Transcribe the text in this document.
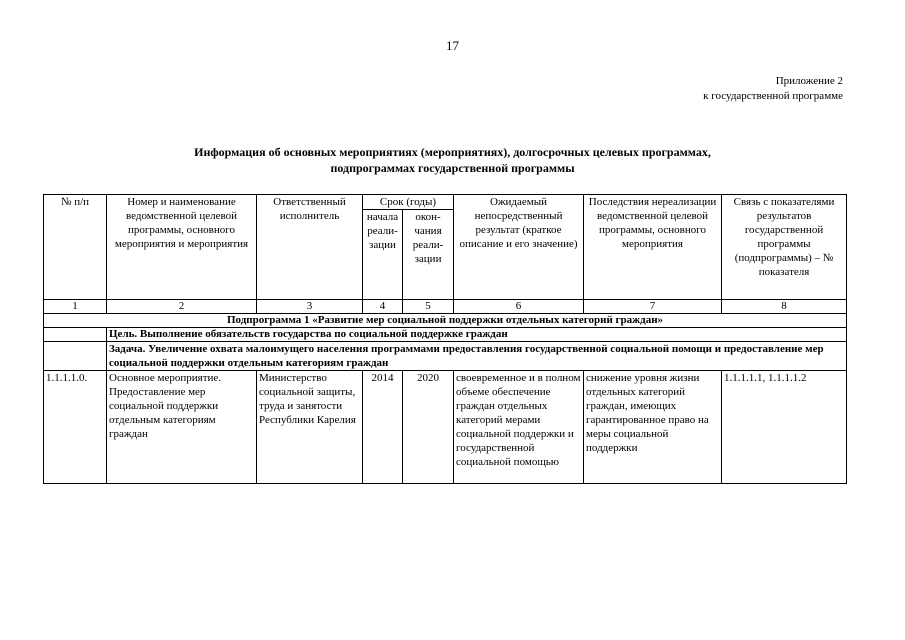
17
Приложение 2
к государственной программе
Информация об основных мероприятиях (мероприятиях), долгосрочных целевых программах,
подпрограммах государственной программы
№ п/п	Номер и наименование ведомственной целевой программы, основного мероприятия и мероприятия	Ответственный исполнитель	Срок (годы)		Ожидаемый непосредственный результат (краткое описание и его значение)	Последствия нереализации ведомственной целевой программы, основного мероприятия	Связь с показателями результатов государственной программы (подпрограммы) – № показателя
			начала реали-зации	окон-чания реали-зации			
1	2	3	4	5	6	7	8
Подпрограмма 1 «Развитие мер социальной поддержки отдельных категорий граждан»							
	Цель. Выполнение обязательств государства по социальной поддержке граждан						
	Задача. Увеличение охвата малоимущего населения программами предоставления государственной социальной помощи и предоставление мер социальной поддержки отдельным категориям граждан						
1.1.1.1.0.	Основное мероприятие. Предоставление мер социальной поддержки отдельным категориям граждан	Министерство социальной защиты, труда и занятости Республики Карелия	2014	2020	своевременное и в полном объеме обеспечение граждан отдельных категорий мерами социальной поддержки и государственной социальной помощью	снижение уровня жизни отдельных категорий граждан, имеющих гарантированное право на меры социальной поддержки	1.1.1.1.1, 1.1.1.1.2
